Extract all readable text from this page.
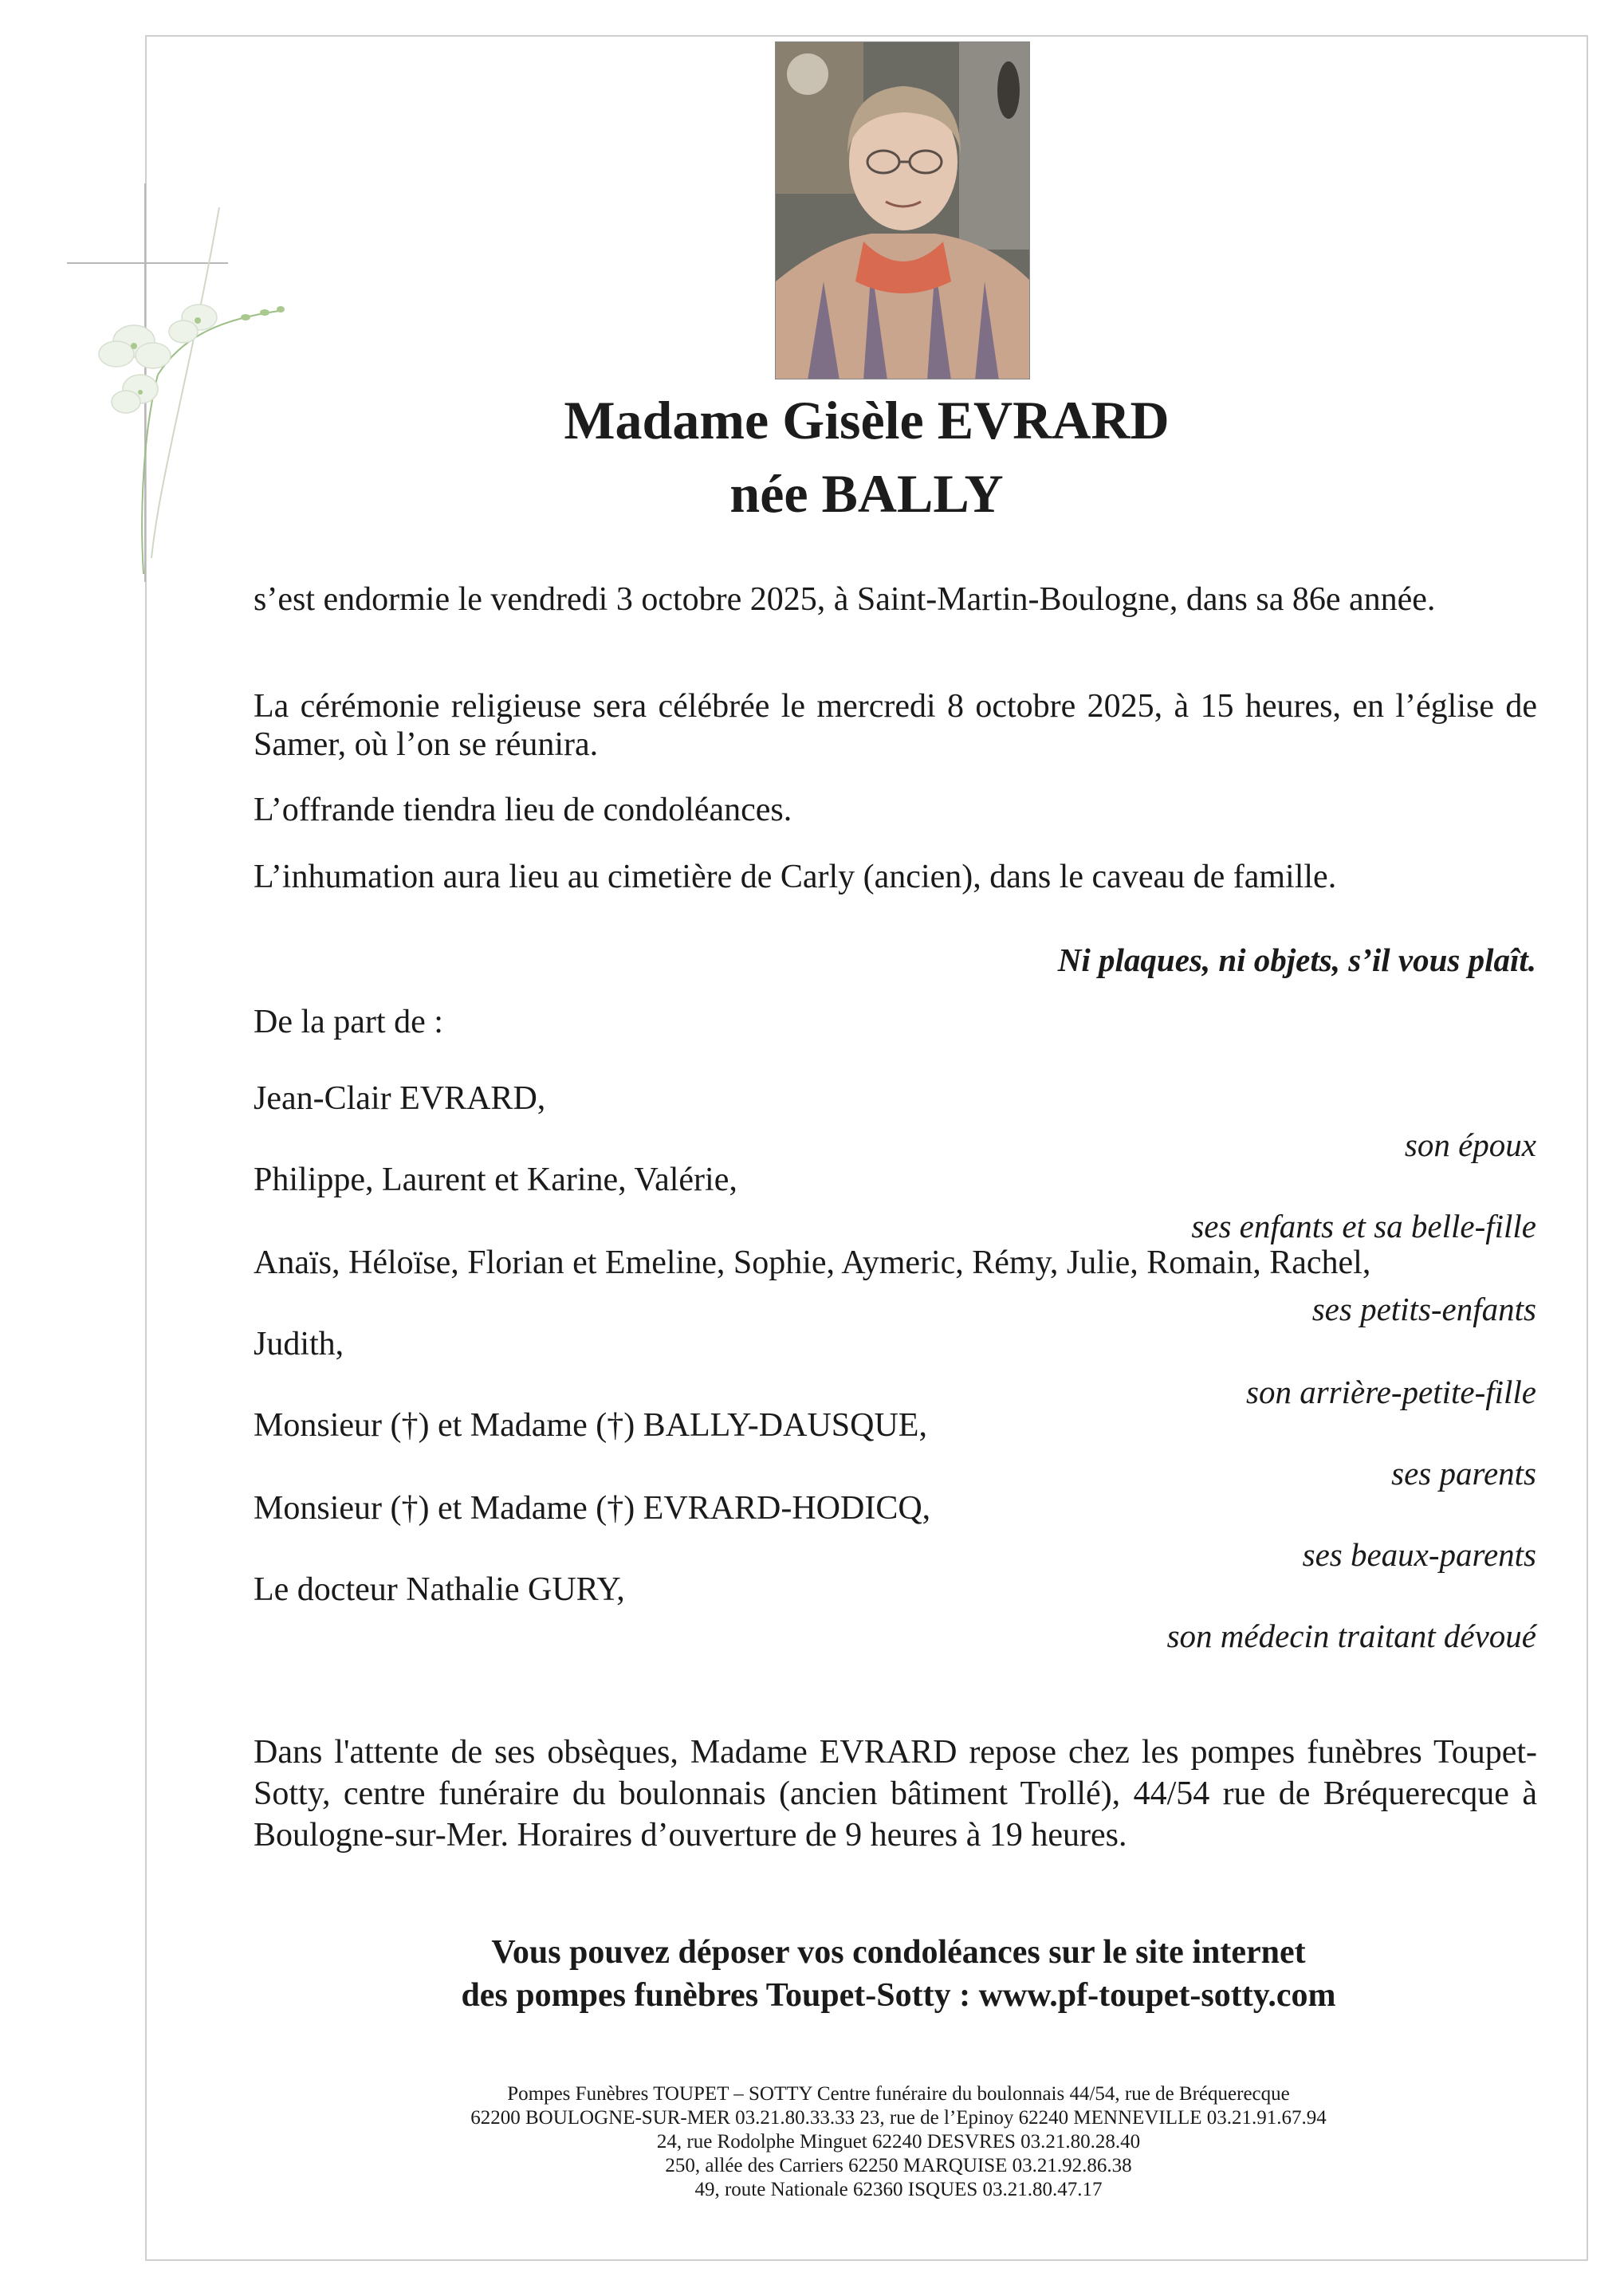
Madame Gisèle EVRARD
née BALLY
s’est endormie le vendredi 3 octobre 2025, à Saint-Martin-Boulogne, dans sa 86e année.
La cérémonie religieuse sera célébrée le mercredi 8 octobre 2025, à 15 heures, en l’église de Samer, où l’on se réunira.
L’offrande tiendra lieu de condoléances.
L’inhumation aura lieu au cimetière de Carly (ancien), dans le caveau de famille.
Ni plaques, ni objets, s’il vous plaît.
De la part de :
Jean-Clair EVRARD,
son époux
Philippe, Laurent et Karine, Valérie,
ses enfants et sa belle-fille
Anaïs, Héloïse, Florian et Emeline, Sophie, Aymeric, Rémy, Julie, Romain, Rachel,
ses petits-enfants
Judith,
son arrière-petite-fille
Monsieur (†) et Madame (†) BALLY-DAUSQUE,
ses parents
Monsieur (†) et Madame (†) EVRARD-HODICQ,
ses beaux-parents
Le docteur Nathalie GURY,
son médecin traitant dévoué
Dans l'attente de ses obsèques, Madame EVRARD repose chez les pompes funèbres Toupet-Sotty, centre funéraire du boulonnais (ancien bâtiment Trollé), 44/54 rue de Bréquerecque à Boulogne-sur-Mer. Horaires d’ouverture de 9 heures à 19 heures.
Vous pouvez déposer vos condoléances sur le site internet
des pompes funèbres Toupet-Sotty : www.pf-toupet-sotty.com
Pompes Funèbres TOUPET – SOTTY Centre funéraire du boulonnais 44/54, rue de Bréquerecque
62200 BOULOGNE-SUR-MER 03.21.80.33.33 23, rue de l’Epinoy 62240 MENNEVILLE 03.21.91.67.94
24, rue Rodolphe Minguet 62240 DESVRES 03.21.80.28.40
250, allée des Carriers 62250 MARQUISE 03.21.92.86.38
49, route Nationale 62360 ISQUES 03.21.80.47.17
